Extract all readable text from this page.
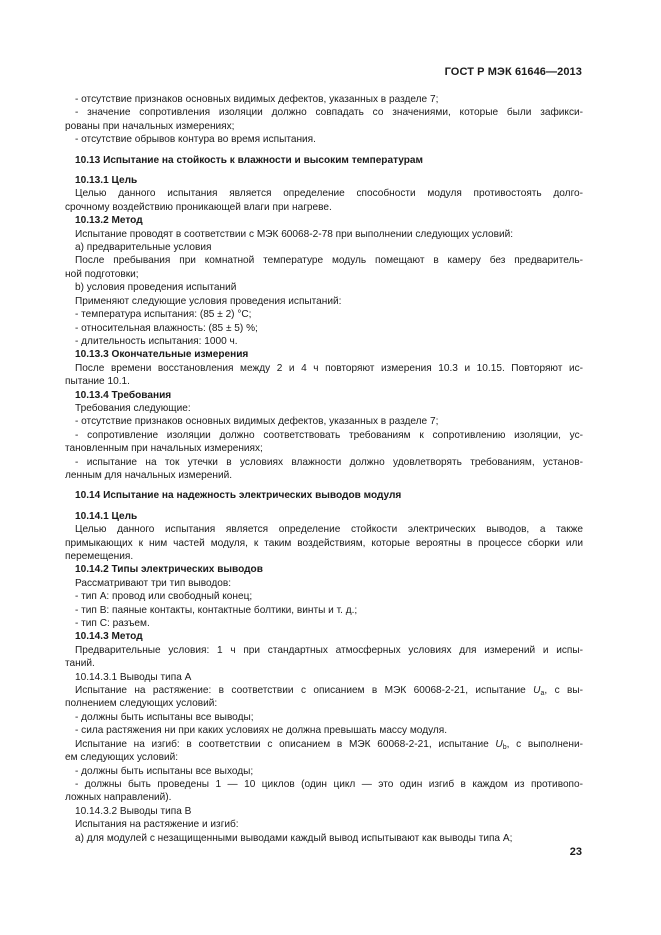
ГОСТ Р МЭК 61646—2013
- отсутствие признаков основных видимых дефектов, указанных в разделе 7;
- значение сопротивления изоляции должно совпадать со значениями, которые были зафикси-
рованы при начальных измерениях;
- отсутствие обрывов контура во время испытания.
10.13 Испытание на стойкость к влажности и высоким температурам
10.13.1 Цель
Целью данного испытания является определение способности модуля противостоять долго-
срочному воздействию проникающей влаги при нагреве.
10.13.2 Метод
Испытание проводят в соответствии с МЭК 60068-2-78 при выполнении следующих условий:
а) предварительные условия
После пребывания при комнатной температуре модуль помещают в камеру без предваритель-
ной подготовки;
b) условия проведения испытаний
Применяют следующие условия проведения испытаний:
- температура испытания: (85 ± 2) °C;
- относительная влажность: (85 ± 5) %;
- длительность испытания: 1000 ч.
10.13.3 Окончательные измерения
После времени восстановления между 2 и 4 ч повторяют измерения 10.3 и 10.15. Повторяют ис-
пытание 10.1.
10.13.4 Требования
Требования следующие:
- отсутствие признаков основных видимых дефектов, указанных в разделе 7;
- сопротивление изоляции должно соответствовать требованиям к сопротивлению изоляции, ус-
тановленным при начальных измерениях;
- испытание на ток утечки в условиях влажности должно удовлетворять требованиям, установ-
ленным для начальных измерений.
10.14 Испытание на надежность электрических выводов модуля
10.14.1 Цель
Целью данного испытания является определение стойкости электрических выводов, а также
примыкающих к ним частей модуля, к таким воздействиям, которые вероятны в процессе сборки или
перемещения.
10.14.2 Типы электрических выводов
Рассматривают три тип выводов:
- тип А: провод или свободный конец;
- тип В: паяные контакты, контактные болтики, винты и т. д.;
- тип С: разъем.
10.14.3 Метод
Предварительные условия: 1 ч при стандартных атмосферных условиях для измерений и испы-
таний.
10.14.3.1 Выводы типа А
Испытание на растяжение: в соответствии с описанием в МЭК 60068-2-21, испытание $U_a$, с вы-
полнением следующих условий:
- должны быть испытаны все выводы;
- сила растяжения ни при каких условиях не должна превышать массу модуля.
Испытание на изгиб: в соответствии с описанием в МЭК 60068-2-21, испытание $U_b$, с выполнени-
ем следующих условий:
- должны быть испытаны все выходы;
- должны быть проведены 1 — 10 циклов (один цикл — это один изгиб в каждом из противопо-
ложных направлений).
10.14.3.2 Выводы типа В
Испытания на растяжение и изгиб:
а) для модулей с незащищенными выводами каждый вывод испытывают как выводы типа А;
23
